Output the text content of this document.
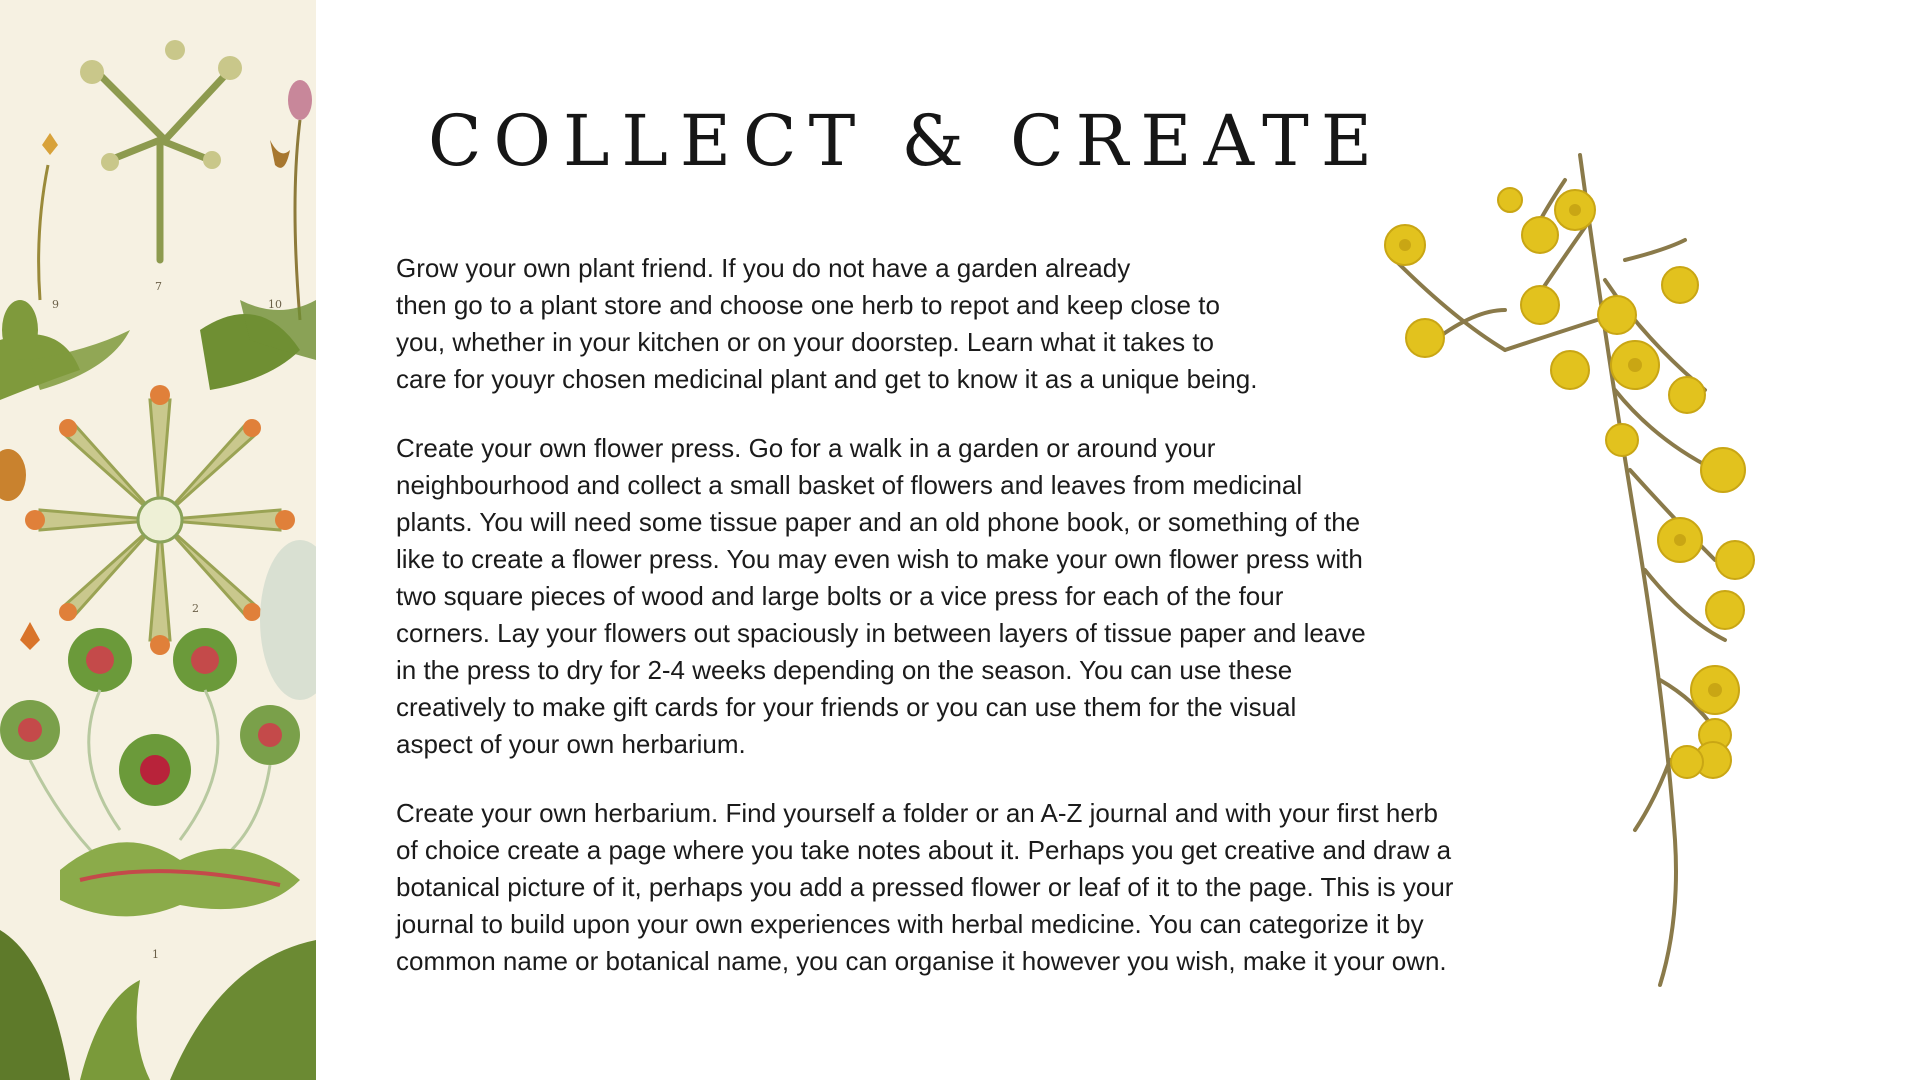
7
9	10
2
1
COLLECT & CREATE

Grow your own plant friend. If you do not have a garden already
then go to a plant store and choose one herb to repot and keep close to
you, whether in your kitchen or on your doorstep. Learn what it takes to
care for youyr chosen medicinal plant and get to know it as a unique being.

Create your own flower press. Go for a walk in a garden or around your
neighbourhood and collect a small basket of flowers and leaves from medicinal
plants. You will need some tissue paper and an old phone book, or something of the
like to create a flower press. You may even wish to make your own flower press with
two square pieces of wood and large bolts or a vice press for each of the four
corners. Lay your flowers out spaciously in between layers of tissue paper and leave
in the press to dry for 2-4 weeks depending on the season. You can use these
creatively to make gift cards for your friends or you can use them for the visual
aspect of your own herbarium.

Create your own herbarium. Find yourself a folder or an A-Z journal and with your first herb
of choice create a page where you take notes about it. Perhaps you get creative and draw a
botanical picture of it, perhaps you add a pressed flower or leaf of it to the page. This is your
journal to build upon your own experiences with herbal medicine. You can categorize it by
common name or botanical name, you can organise it however you wish, make it your own.
